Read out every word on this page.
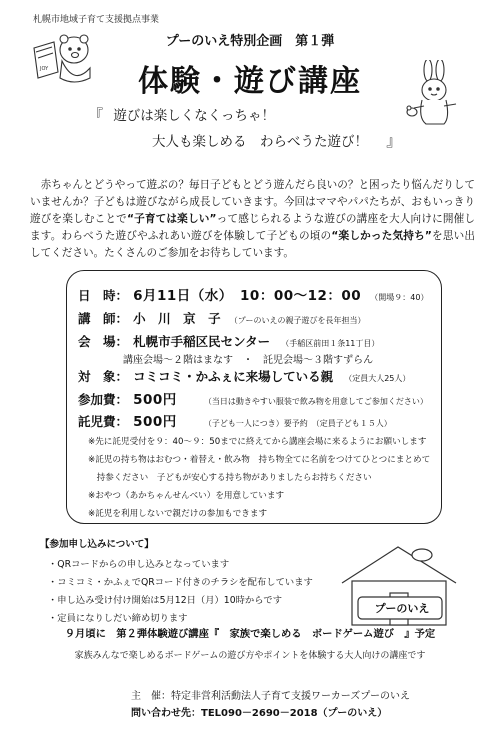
札幌市地域子育て支援拠点事業
JOY
プーのいえ特別企画　第１弾
体験・遊び講座
『 遊びは楽しくなくっちゃ！
大人も楽しめる　わらべうた遊び！ 』
赤ちゃんとどうやって遊ぶの？毎日子どもとどう遊んだら良いの？と困ったり悩んだりしていませんか？子どもは遊びながら成長していきます。今回はママやパパたちが、おもいっきり遊びを楽しむことで“子育ては楽しい”って感じられるような遊びの講座を大人向けに開催します。わらべうた遊びやふれあい遊びを体験して子どもの頃の“楽しかった気持ち”を思い出してください。たくさんのご参加をお待ちしています。
日　時： 6月11日（水）　10：00～12：00 （開場９：40）
講　師： 小　川　京　子 （プーのいえの親子遊びを長年担当）
会　場： 札幌市手稲区民センター （手稲区前田１条11丁目）
講座会場～２階はまなす　・　託児会場～３階すずらん
対　象： コミコミ・かふぇに来場している親 （定員大人25人）
参加費： 500円	（当日は動きやすい服装で飲み物を用意してご参加ください）
託児費： 500円	（子ども一人につき）要予約　（定員子ども１５人）
※先に託児受付を９：40～９：50までに終えてから講座会場に来るようにお願いします
※託児の持ち物はおむつ・着替え・飲み物　持ち物全てに名前をつけてひとつにまとめて
　持参ください　子どもが安心する持ち物がありましたらお持ちください
※おやつ（あかちゃんせんべい）を用意しています
※託児を利用しないで親だけの参加もできます
【参加申し込みについて】
・QRコードからの申し込みとなっています
・コミコミ・かふぇでQRコード付きのチラシを配布しています
・申し込み受け付け開始は5月12日（月）10時からです
・定員になりしだい締め切ります
プーのいえ
９月頃に　第２弾体験遊び講座『　家族で楽しめる　ボードゲーム遊び　』予定
家族みんなで楽しめるボードゲームの遊び方やポイントを体験する大人向けの講座です
主　催：特定非営利活動法人子育て支援ワーカーズプーのいえ
問い合わせ先：TEL090－2690－2018（プーのいえ）
